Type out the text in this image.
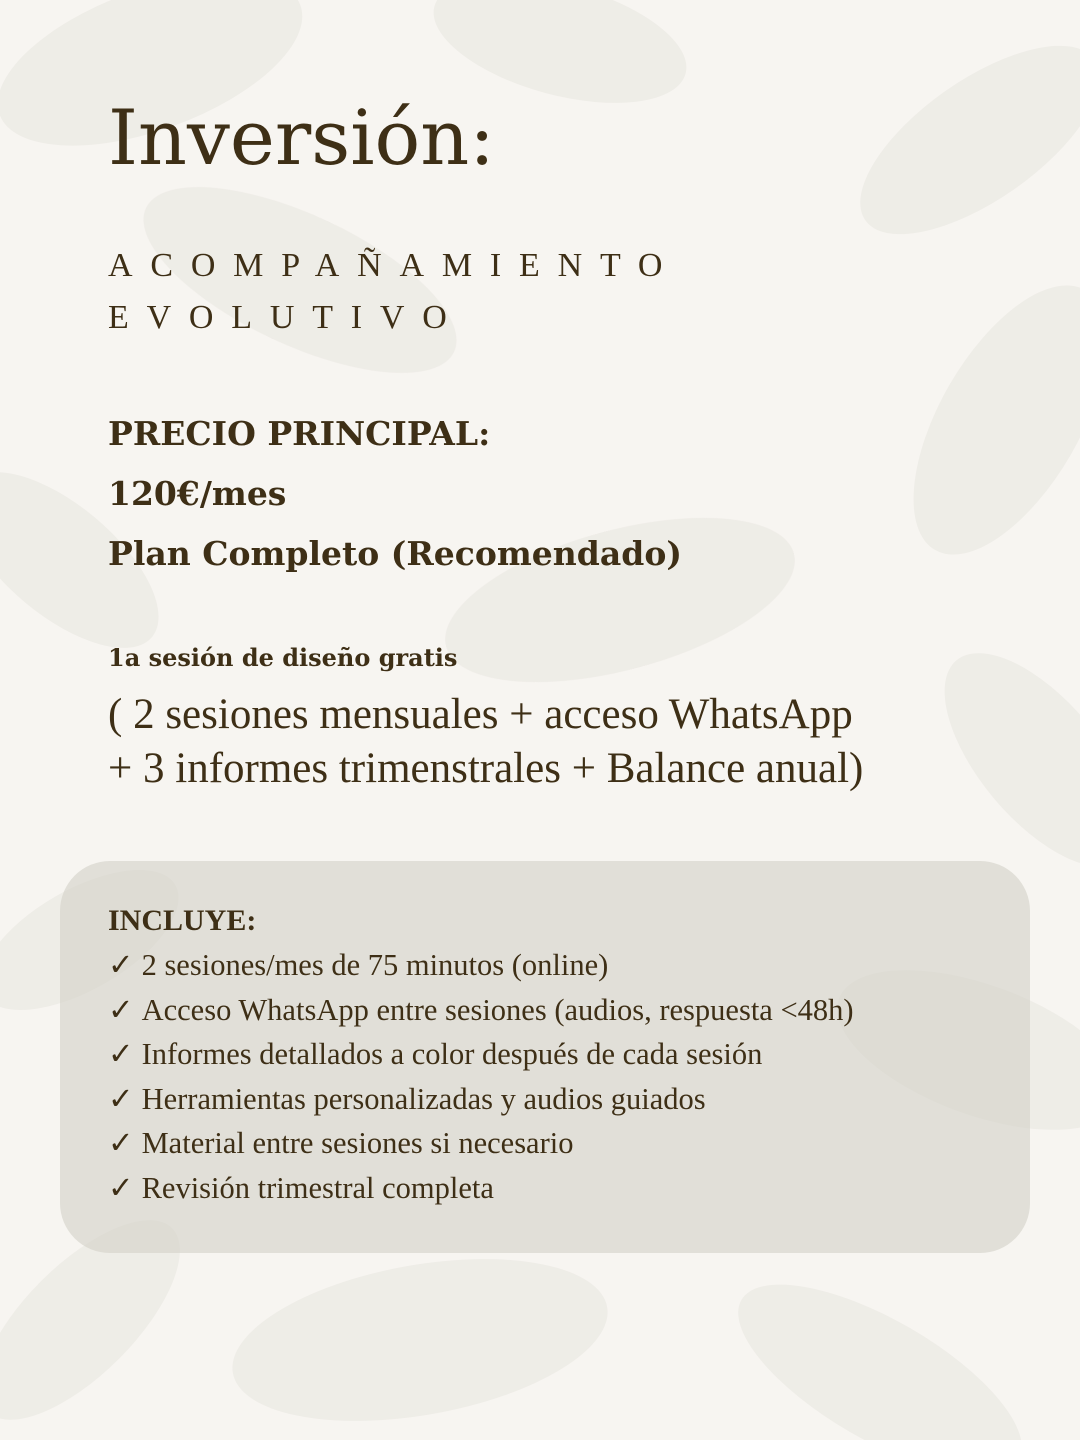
Inversión:
ACOMPAÑAMIENTO
EVOLUTIVO
PRECIO PRINCIPAL:
120€/mes
Plan Completo (Recomendado)

1a sesión de diseño gratis

( 2 sesiones mensuales + acceso WhatsApp
+ 3 informes trimenstrales + Balance anual)

INCLUYE:

✓ 2 sesiones/mes de 75 minutos (online)
✓ Acceso WhatsApp entre sesiones (audios, respuesta <48h)
✓ Informes detallados a color después de cada sesión
✓ Herramientas personalizadas y audios guiados
✓ Material entre sesiones si necesario
✓ Revisión trimestral completa
